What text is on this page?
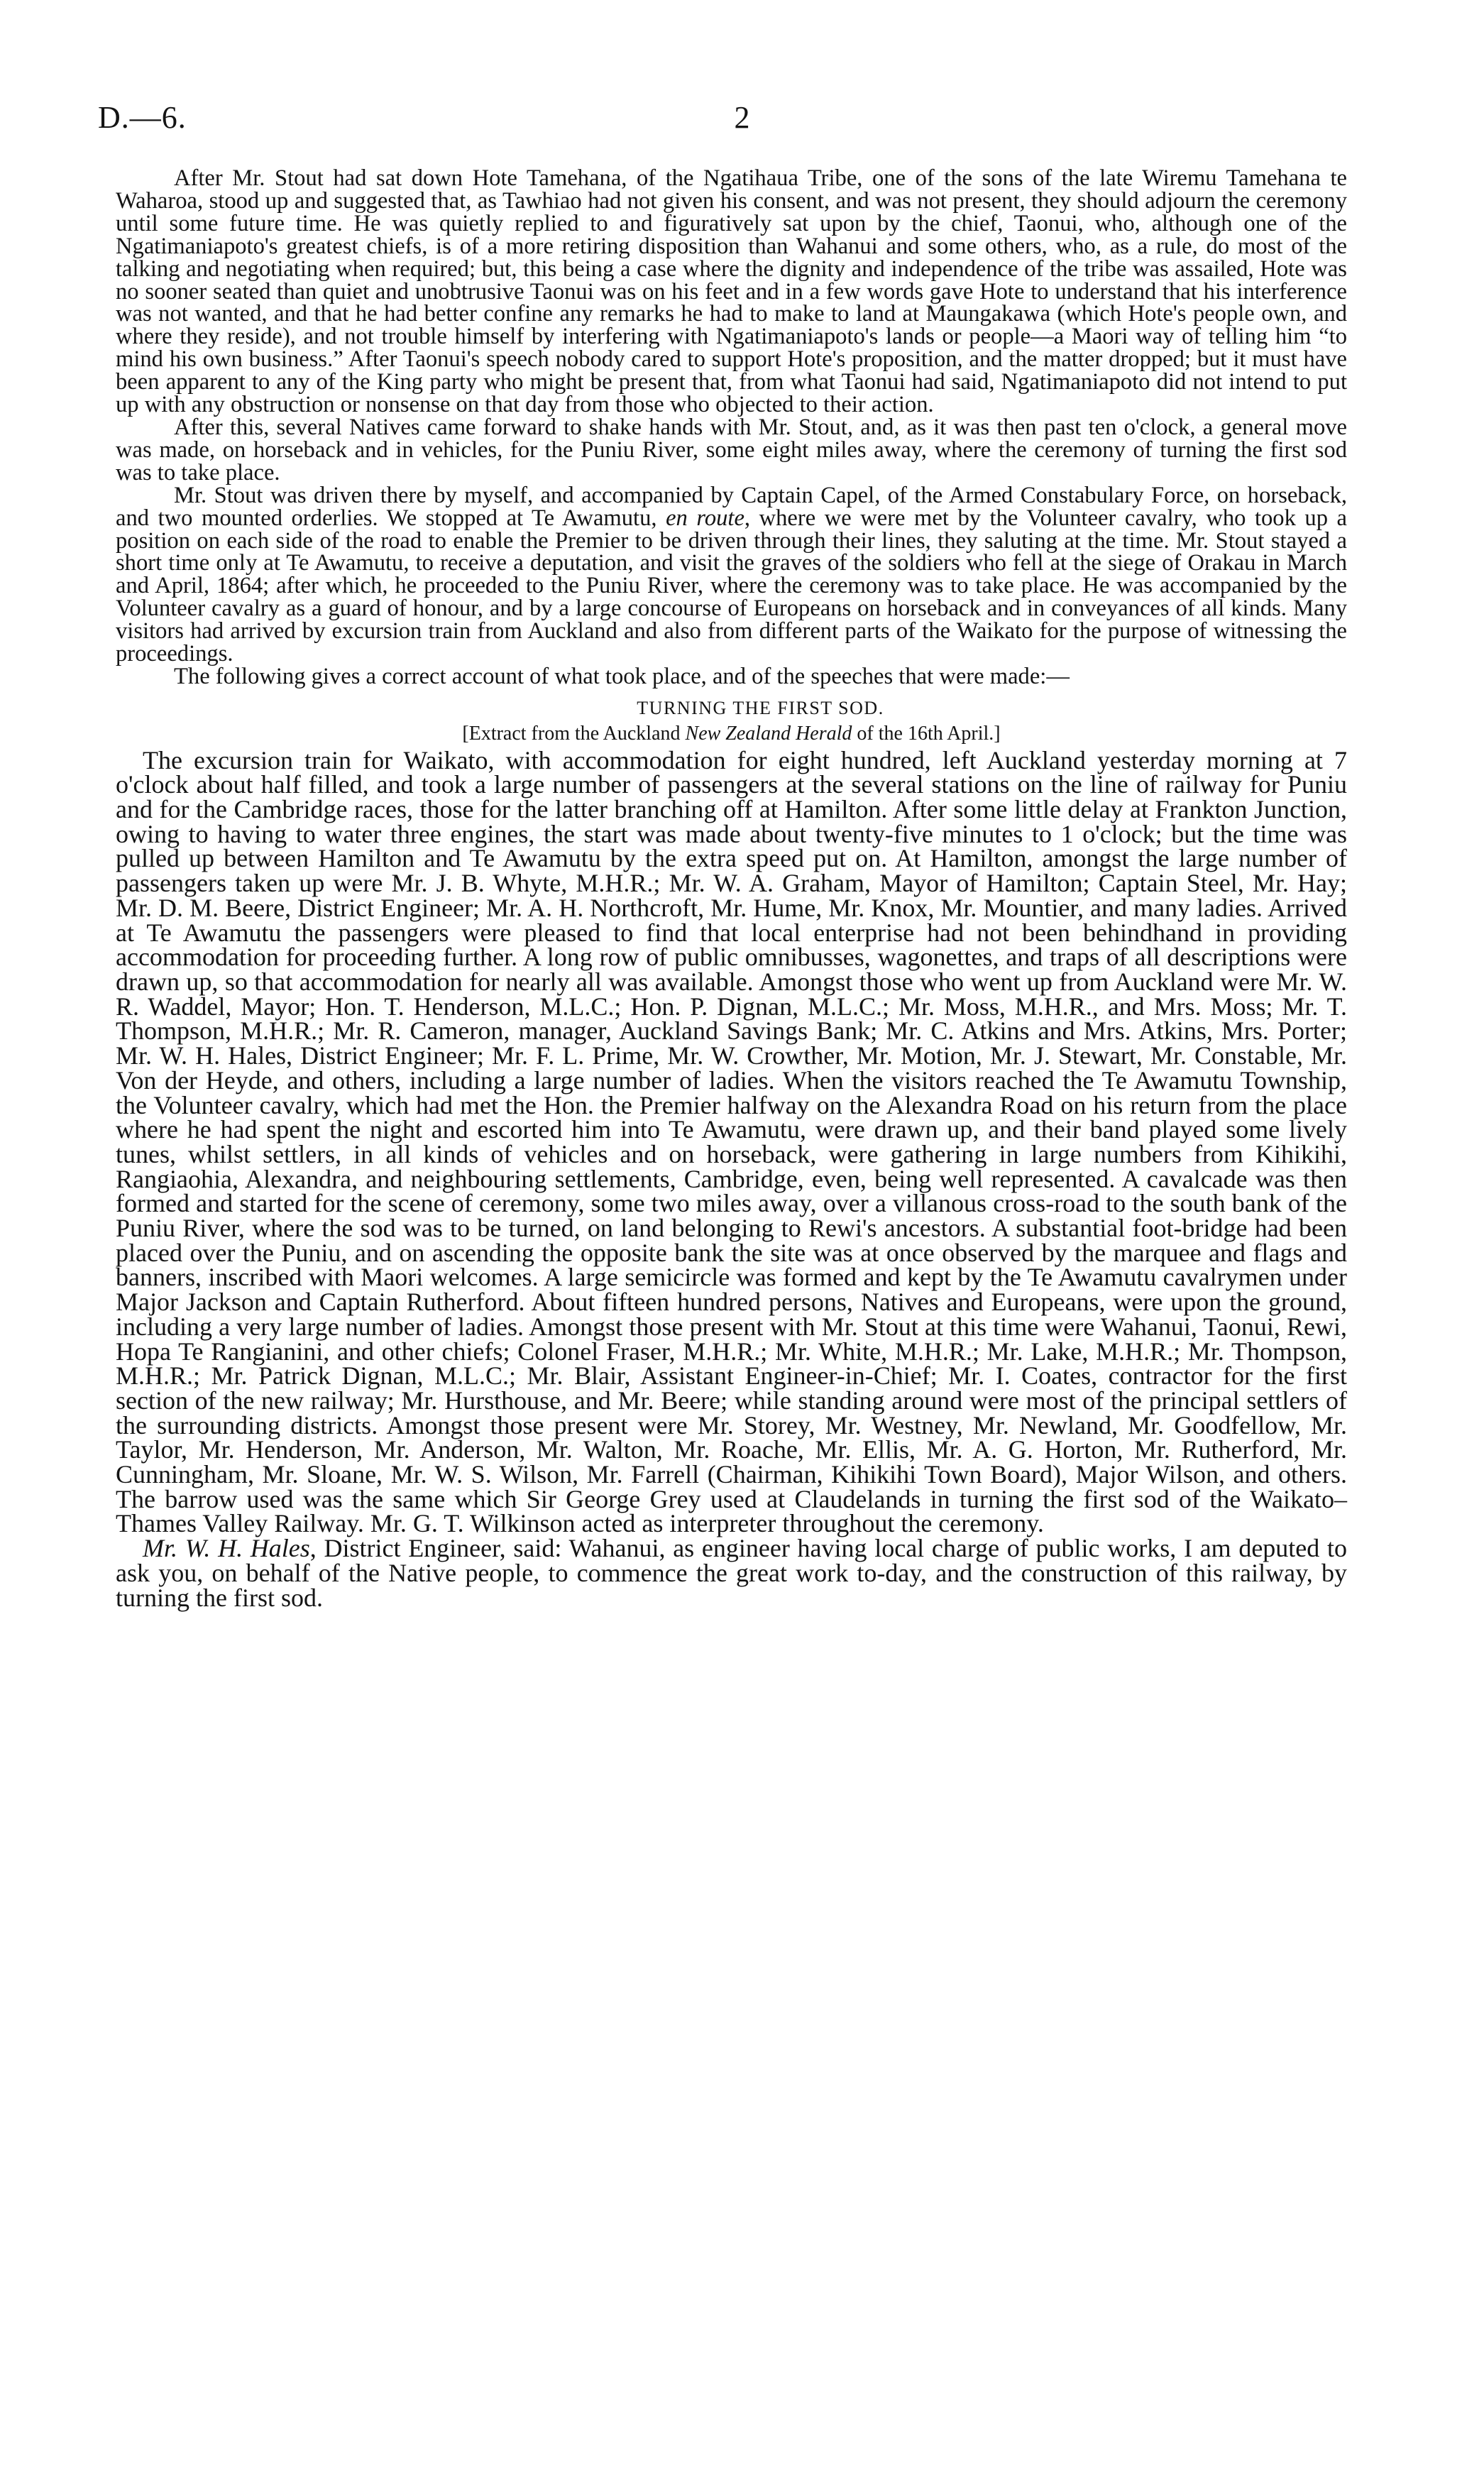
D.—6.	2

After Mr. Stout had sat down Hote Tamehana, of the Ngatihaua Tribe, one of the sons of the late Wiremu Tamehana te Waharoa, stood up and suggested that, as Tawhiao had not given his consent, and was not present, they should adjourn the ceremony until some future time. He was quietly replied to and figuratively sat upon by the chief, Taonui, who, although one of the Ngatimaniapoto's greatest chiefs, is of a more retiring disposition than Wahanui and some others, who, as a rule, do most of the talking and negotiating when required; but, this being a case where the dignity and independence of the tribe was assailed, Hote was no sooner seated than quiet and unobtrusive Taonui was on his feet and in a few words gave Hote to understand that his interference was not wanted, and that he had better confine any remarks he had to make to land at Maungakawa (which Hote's people own, and where they reside), and not trouble himself by interfering with Ngatimaniapoto's lands or people—a Maori way of telling him “to mind his own business.” After Taonui's speech nobody cared to support Hote's proposition, and the matter dropped; but it must have been apparent to any of the King party who might be present that, from what Taonui had said, Ngatimaniapoto did not intend to put up with any obstruction or nonsense on that day from those who objected to their action.

After this, several Natives came forward to shake hands with Mr. Stout, and, as it was then past ten o'clock, a general move was made, on horseback and in vehicles, for the Puniu River, some eight miles away, where the ceremony of turning the first sod was to take place.

Mr. Stout was driven there by myself, and accompanied by Captain Capel, of the Armed Constabulary Force, on horseback, and two mounted orderlies. We stopped at Te Awamutu, en route, where we were met by the Volunteer cavalry, who took up a position on each side of the road to enable the Premier to be driven through their lines, they saluting at the time. Mr. Stout stayed a short time only at Te Awamutu, to receive a deputation, and visit the graves of the soldiers who fell at the siege of Orakau in March and April, 1864; after which, he proceeded to the Puniu River, where the ceremony was to take place. He was accompanied by the Volunteer cavalry as a guard of honour, and by a large concourse of Europeans on horseback and in conveyances of all kinds. Many visitors had arrived by excursion train from Auckland and also from different parts of the Waikato for the purpose of witnessing the proceedings.

The following gives a correct account of what took place, and of the speeches that were made:—

TURNING THE FIRST SOD.

[Extract from the Auckland New Zealand Herald of the 16th April.]

The excursion train for Waikato, with accommodation for eight hundred, left Auckland yesterday morning at 7 o'clock about half filled, and took a large number of passengers at the several stations on the line of railway for Puniu and for the Cambridge races, those for the latter branching off at Hamilton. After some little delay at Frankton Junction, owing to having to water three engines, the start was made about twenty-five minutes to 1 o'clock; but the time was pulled up between Hamilton and Te Awamutu by the extra speed put on. At Hamilton, amongst the large number of passengers taken up were Mr. J. B. Whyte, M.H.R.; Mr. W. A. Graham, Mayor of Hamilton; Captain Steel, Mr. Hay; Mr. D. M. Beere, District Engineer; Mr. A. H. Northcroft, Mr. Hume, Mr. Knox, Mr. Mountier, and many ladies. Arrived at Te Awamutu the passengers were pleased to find that local enterprise had not been behindhand in providing accommodation for proceeding further. A long row of public omnibusses, wagonettes, and traps of all descriptions were drawn up, so that accommodation for nearly all was available. Amongst those who went up from Auckland were Mr. W. R. Waddel, Mayor; Hon. T. Henderson, M.L.C.; Hon. P. Dignan, M.L.C.; Mr. Moss, M.H.R., and Mrs. Moss; Mr. T. Thompson, M.H.R.; Mr. R. Cameron, manager, Auckland Savings Bank; Mr. C. Atkins and Mrs. Atkins, Mrs. Porter; Mr. W. H. Hales, District Engineer; Mr. F. L. Prime, Mr. W. Crowther, Mr. Motion, Mr. J. Stewart, Mr. Constable, Mr. Von der Heyde, and others, including a large number of ladies. When the visitors reached the Te Awamutu Township, the Volunteer cavalry, which had met the Hon. the Premier halfway on the Alexandra Road on his return from the place where he had spent the night and escorted him into Te Awamutu, were drawn up, and their band played some lively tunes, whilst settlers, in all kinds of vehicles and on horseback, were gathering in large numbers from Kihikihi, Rangiaohia, Alexandra, and neighbouring settlements, Cambridge, even, being well represented. A cavalcade was then formed and started for the scene of ceremony, some two miles away, over a villanous cross-road to the south bank of the Puniu River, where the sod was to be turned, on land belonging to Rewi's ancestors. A substantial foot-bridge had been placed over the Puniu, and on ascending the opposite bank the site was at once observed by the marquee and flags and banners, inscribed with Maori welcomes. A large semicircle was formed and kept by the Te Awamutu cavalrymen under Major Jackson and Captain Rutherford. About fifteen hundred persons, Natives and Europeans, were upon the ground, including a very large number of ladies. Amongst those present with Mr. Stout at this time were Wahanui, Taonui, Rewi, Hopa Te Rangianini, and other chiefs; Colonel Fraser, M.H.R.; Mr. White, M.H.R.; Mr. Lake, M.H.R.; Mr. Thompson, M.H.R.; Mr. Patrick Dignan, M.L.C.; Mr. Blair, Assistant Engineer-in-Chief; Mr. I. Coates, contractor for the first section of the new railway; Mr. Hursthouse, and Mr. Beere; while standing around were most of the principal settlers of the surrounding districts. Amongst those present were Mr. Storey, Mr. Westney, Mr. Newland, Mr. Goodfellow, Mr. Taylor, Mr. Henderson, Mr. Anderson, Mr. Walton, Mr. Roache, Mr. Ellis, Mr. A. G. Horton, Mr. Rutherford, Mr. Cunningham, Mr. Sloane, Mr. W. S. Wilson, Mr. Farrell (Chairman, Kihikihi Town Board), Major Wilson, and others. The barrow used was the same which Sir George Grey used at Claudelands in turning the first sod of the Waikato–Thames Valley Railway. Mr. G. T. Wilkinson acted as interpreter throughout the ceremony.

Mr. W. H. Hales, District Engineer, said: Wahanui, as engineer having local charge of public works, I am deputed to ask you, on behalf of the Native people, to commence the great work to-day, and the construction of this railway, by turning the first sod.
